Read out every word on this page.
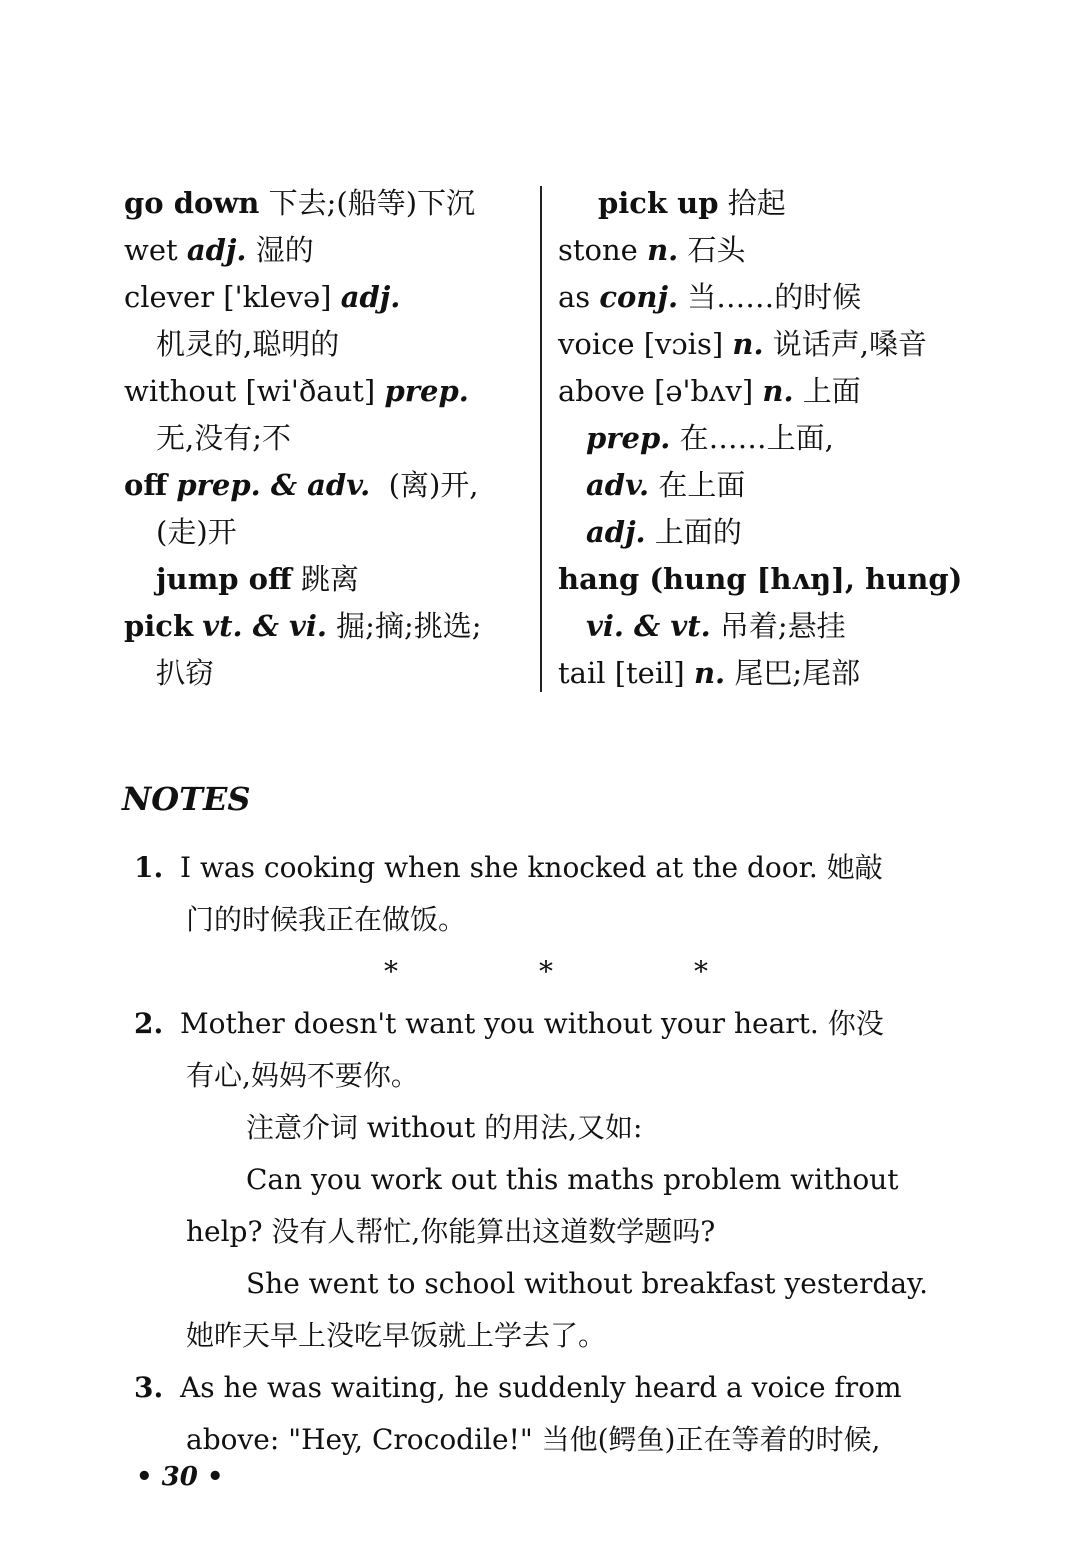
go down 下去;(船等)下沉
wet adj. 湿的
clever ['klevə] adj.
机灵的,聪明的
without [wi'ðaut] prep.
无,没有;不
off prep. & adv. (离)开,
(走)开
jump off 跳离
pick vt. & vi. 掘;摘;挑选;
扒窃
pick up 拾起
stone n. 石头
as conj. 当……的时候
voice [vɔis] n. 说话声,嗓音
above [ə'bʌv] n. 上面
prep. 在……上面,
adv. 在上面
adj. 上面的
hang (hung [hʌŋ], hung)
vi. & vt. 吊着;悬挂
tail [teil] n. 尾巴;尾部
NOTES
1. I was cooking when she knocked at the door. 她敲
门的时候我正在做饭。
*	*	*
2. Mother doesn't want you without your heart. 你没
有心,妈妈不要你。
注意介词 without 的用法,又如:
Can you work out this maths problem without
help? 没有人帮忙,你能算出这道数学题吗?
She went to school without breakfast yesterday.
她昨天早上没吃早饭就上学去了。
3. As he was waiting, he suddenly heard a voice from
above: "Hey, Crocodile!" 当他(鳄鱼)正在等着的时候,
• 30 •
